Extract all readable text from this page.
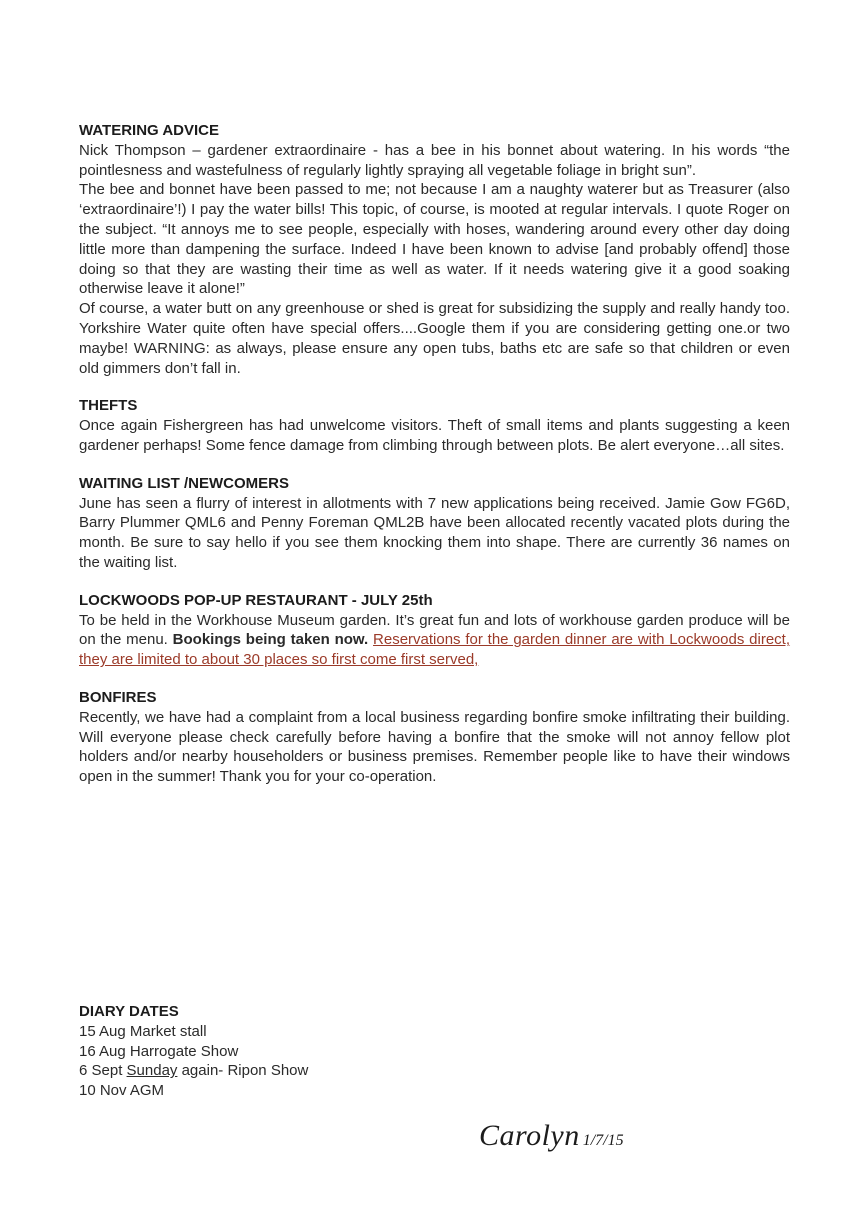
WATERING ADVICE

Nick Thompson – gardener extraordinaire - has a bee in his bonnet about watering. In his words “the pointlesness and wastefulness of regularly lightly spraying all vegetable foliage in bright sun”.

The bee and bonnet have been passed to me; not because I am a naughty waterer but as Treasurer (also ‘extraordinaire’!) I pay the water bills! This topic, of course, is mooted at regular intervals. I quote Roger on the subject. “It annoys me to see people, especially with hoses, wandering around every other day doing little more than dampening the surface. Indeed I have been known to advise [and probably offend] those doing so that they are wasting their time as well as water. If it needs watering give it a good soaking otherwise leave it alone!”

Of course, a water butt on any greenhouse or shed is great for subsidizing the supply and really handy too. Yorkshire Water quite often have special offers....Google them if you are considering getting one.or two maybe! WARNING: as always, please ensure any open tubs, baths etc are safe so that children or even old gimmers don’t fall in.

THEFTS

Once again Fishergreen has had unwelcome visitors. Theft of small items and plants suggesting a keen gardener perhaps! Some fence damage from climbing through between plots. Be alert everyone…all sites.

WAITING LIST /NEWCOMERS

June has seen a flurry of interest in allotments with 7 new applications being received. Jamie Gow FG6D, Barry Plummer QML6 and Penny Foreman QML2B have been allocated recently vacated plots during the month. Be sure to say hello if you see them knocking them into shape. There are currently 36 names on the waiting list.

LOCKWOODS POP-UP RESTAURANT - JULY 25th

To be held in the Workhouse Museum garden. It’s great fun and lots of workhouse garden produce will be on the menu. Bookings being taken now. Reservations for the garden dinner are with Lockwoods direct, they are limited to about 30 places so first come first served,

BONFIRES

Recently, we have had a complaint from a local business regarding bonfire smoke infiltrating their building. Will everyone please check carefully before having a bonfire that the smoke will not annoy fellow plot holders and/or nearby householders or business premises. Remember people like to have their windows open in the summer! Thank you for your co-operation.

DIARY DATES

15 Aug Market stall

16 Aug Harrogate Show

6 Sept Sunday again- Ripon Show

10 Nov AGM

Carolyn 1/7/15
